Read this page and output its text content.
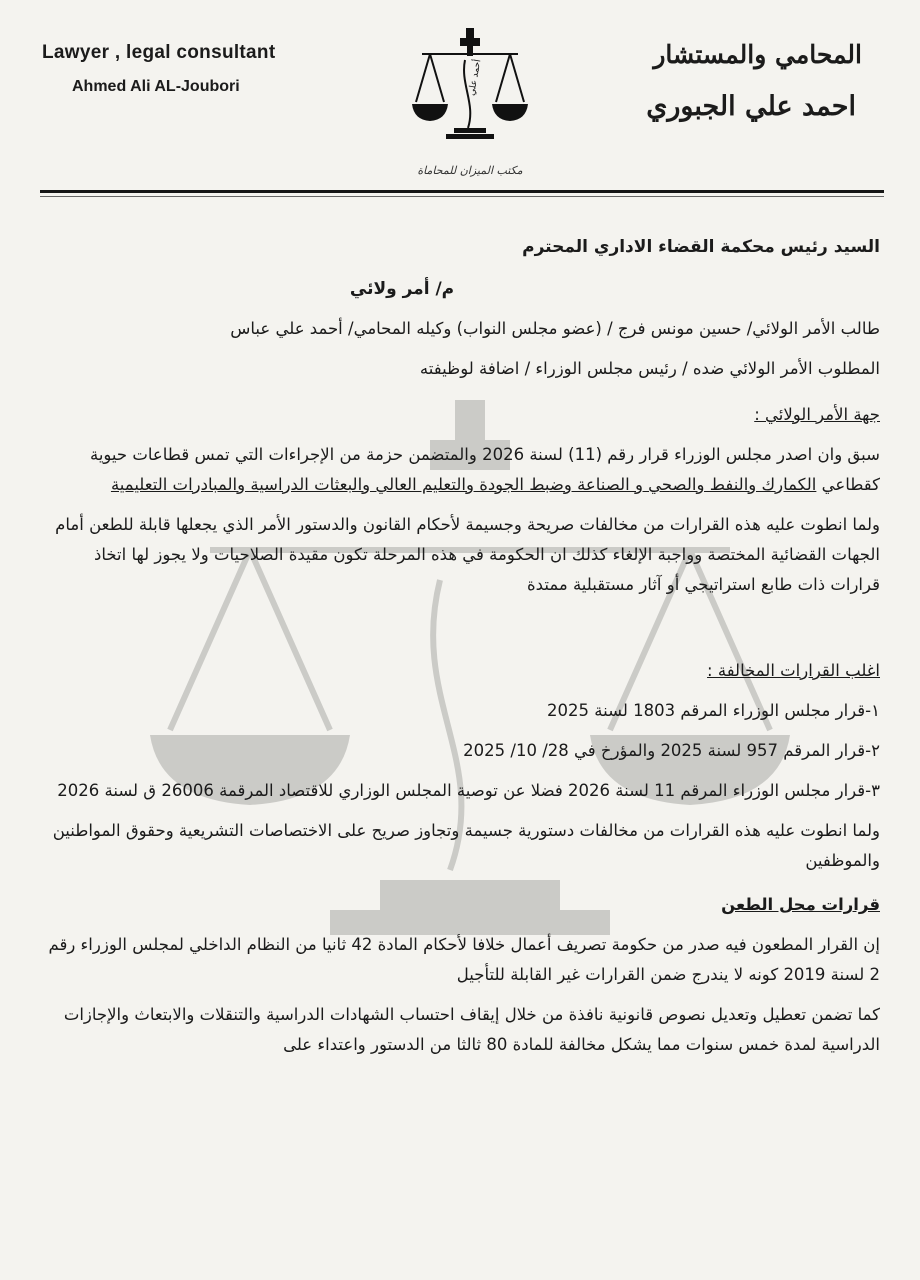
Lawyer , legal consultant
Ahmed Ali AL-Joubori	أحمد علي
مكتب الميزان للمحاماة
المحامي والمستشار
احمد علي الجبوري

السيد رئيس محكمة القضاء الاداري المحترم

م/ أمر ولائي

طالب الأمر الولائي/ حسين مونس فرج / (عضو مجلس النواب) وكيله المحامي/ أحمد علي عباس

المطلوب الأمر الولائي ضده / رئيس مجلس الوزراء / اضافة لوظيفته

جهة الأمر الولائي :

سبق وان اصدر مجلس الوزراء قرار رقم (11) لسنة 2026 والمتضمن حزمة من الإجراءات التي تمس قطاعات حيوية كقطاعي الكمارك والنفط والصحي و الصناعة وضبط الجودة والتعليم العالي والبعثات الدراسية والمبادرات التعليمية

ولما انطوت عليه هذه القرارات من مخالفات صريحة وجسيمة لأحكام القانون والدستور الأمر الذي يجعلها قابلة للطعن أمام الجهات القضائية المختصة وواجبة الإلغاء كذلك ان الحكومة في هذه المرحلة تكون مقيدة الصلاحيات ولا يجوز لها اتخاذ قرارات ذات طابع استراتيجي أو آثار مستقبلية ممتدة

اغلب القرارات المخالفة :

١-قرار مجلس الوزراء المرقم 1803 لسنة 2025

٢-قرار المرقم 957 لسنة 2025 والمؤرخ في 28/ 10/ 2025

٣-قرار مجلس الوزراء المرقم 11 لسنة 2026 فضلا عن توصية المجلس الوزاري للاقتصاد المرقمة 26006 ق لسنة 2026

ولما انطوت عليه هذه القرارات من مخالفات دستورية جسيمة وتجاوز صريح على الاختصاصات التشريعية وحقوق المواطنين والموظفين

قرارات محل الطعن

إن القرار المطعون فيه صدر من حكومة تصريف أعمال خلافا لأحكام المادة 42 ثانيا من النظام الداخلي لمجلس الوزراء رقم 2 لسنة 2019 كونه لا يندرج ضمن القرارات غير القابلة للتأجيل

كما تضمن تعطيل وتعديل نصوص قانونية نافذة من خلال إيقاف احتساب الشهادات الدراسية والتنقلات والابتعاث والإجازات الدراسية لمدة خمس سنوات مما يشكل مخالفة للمادة 80 ثالثا من الدستور واعتداء على
